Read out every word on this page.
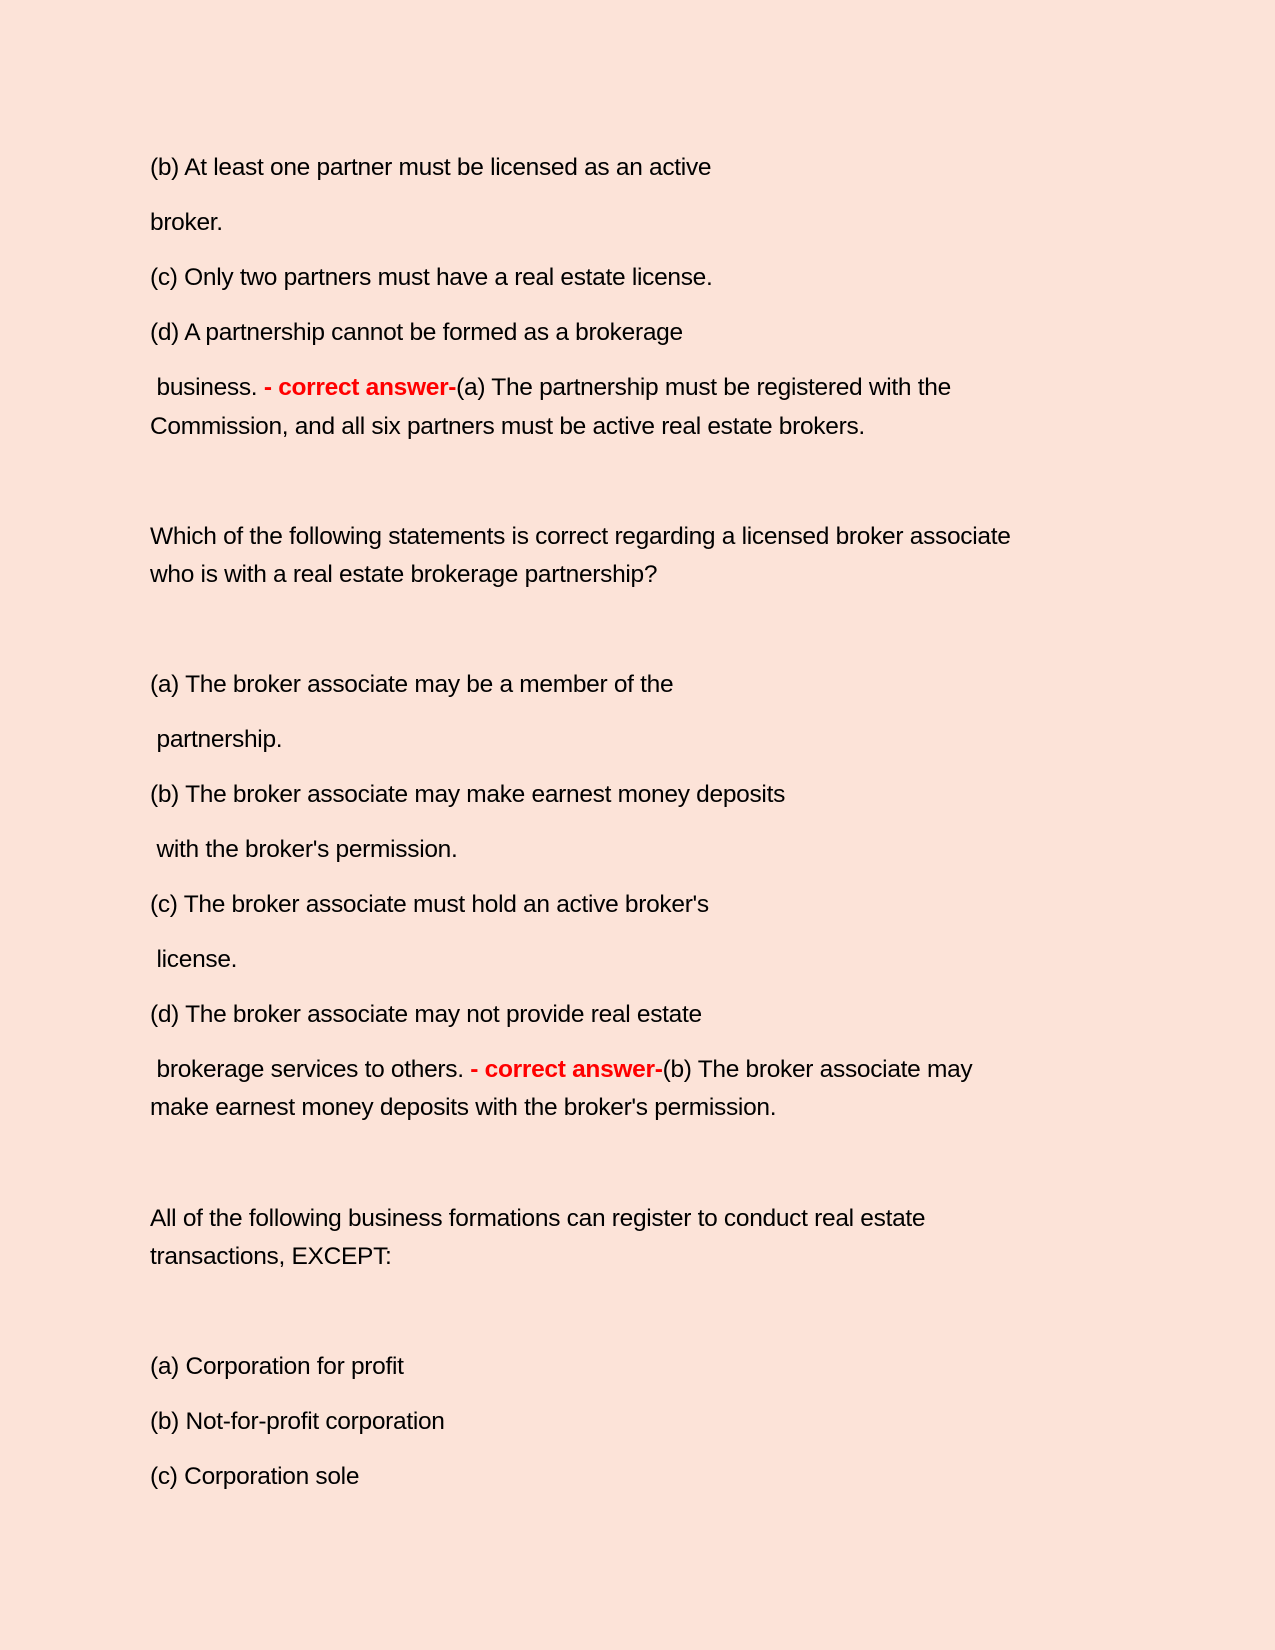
(b) At least one partner must be licensed as an active
broker.
(c) Only two partners must have a real estate license.
(d) A partnership cannot be formed as a brokerage
business. - correct answer-(a) The partnership must be registered with the
Commission, and all six partners must be active real estate brokers.
Which of the following statements is correct regarding a licensed broker associate
who is with a real estate brokerage partnership?
(a) The broker associate may be a member of the
partnership.
(b) The broker associate may make earnest money deposits
with the broker's permission.
(c) The broker associate must hold an active broker's
license.
(d) The broker associate may not provide real estate
brokerage services to others. - correct answer-(b) The broker associate may
make earnest money deposits with the broker's permission.
All of the following business formations can register to conduct real estate
transactions, EXCEPT:
(a) Corporation for profit
(b) Not-for-profit corporation
(c) Corporation sole
